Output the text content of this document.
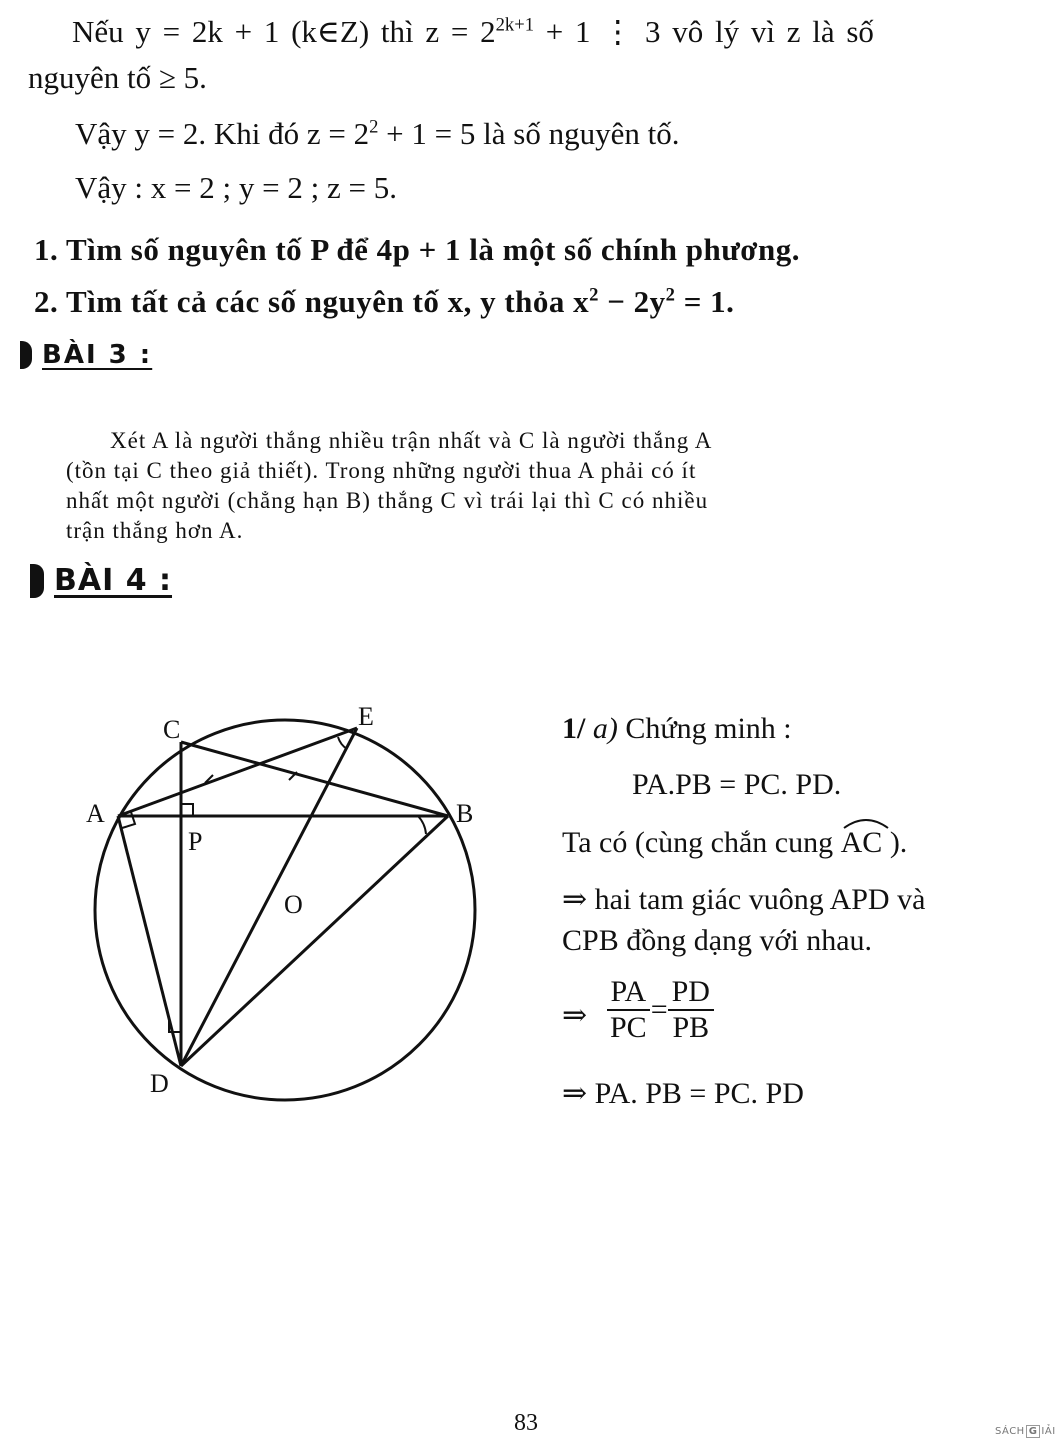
Nếu y = 2k + 1 (k∈Z) thì $z = 2^{2k+1} + 1$ ⋮ 3 vô lý vì z là số
nguyên tố ≥ 5.
Vậy y = 2. Khi đó $z = 2^2 + 1 = 5$ là số nguyên tố.
Vậy : x = 2 ; y = 2 ; z = 5.
1. Tìm số nguyên tố P để 4p + 1 là một số chính phương.
2. Tìm tất cả các số nguyên tố x, y thỏa $x^2 - 2y^2 = 1$.
BÀI 3 :
Xét A là người thắng nhiều trận nhất và C là người thắng A
(tồn tại C theo giả thiết). Trong những người thua A phải có ít
nhất một người (chẳng hạn B) thắng C vì trái lại thì C có nhiều
trận thắng hơn A.
BÀI 4 :
C	E
A	B
P
O
D
1/ a) Chứng minh :
PA.PB = PC. PD.
Ta có (cùng chắn cung
AC ).
⇒ hai tam giác vuông APD và
CPB đồng dạng với nhau.
⇒ $\frac{PA}{PC} = \frac{PD}{PB}$
⇒ PA. PB = PC. PD
83	SÁCH G IẢI
